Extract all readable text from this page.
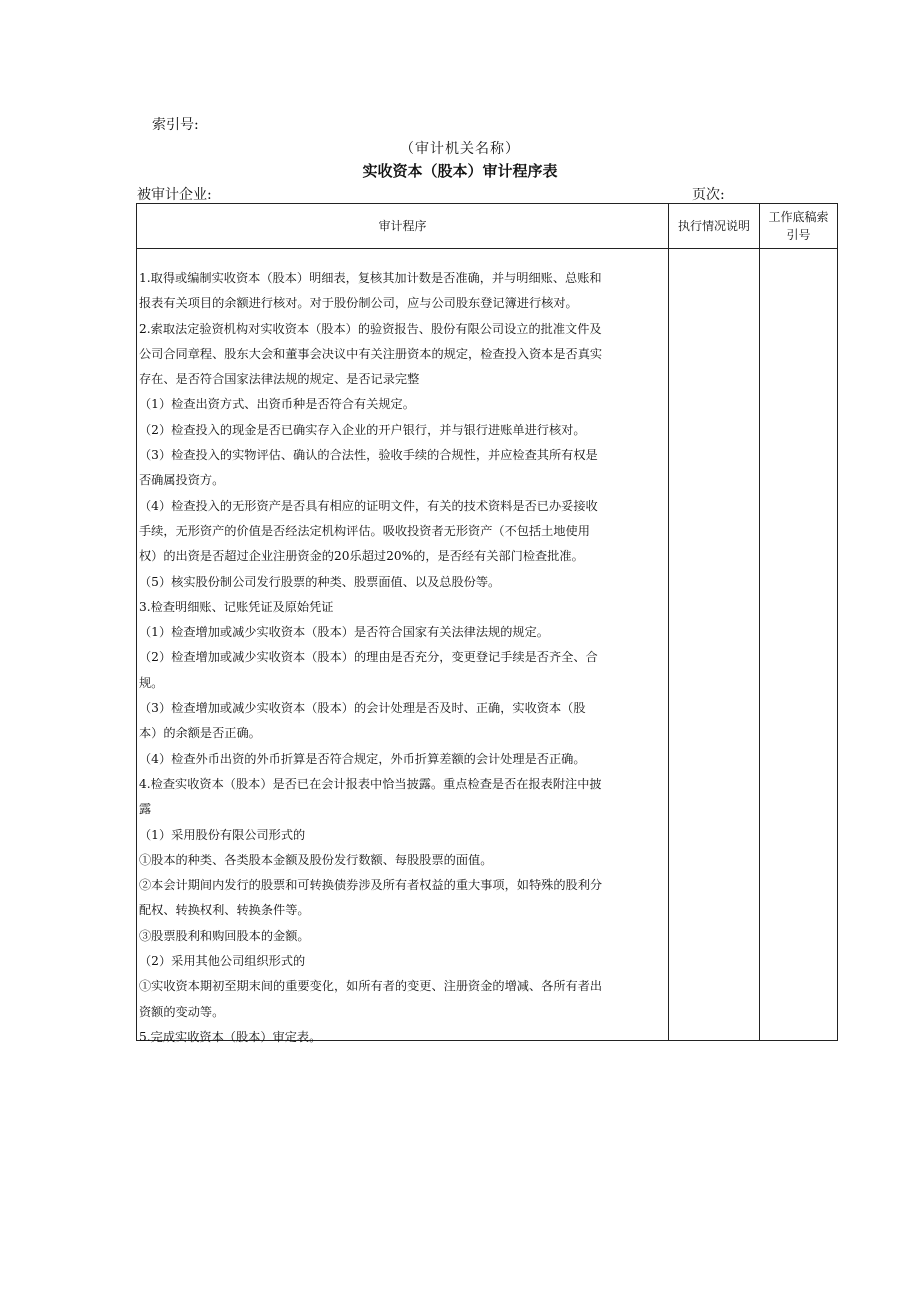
索引号:
（审计机关名称）
实收资本（股本）审计程序表
被审计企业:	页次:
审计程序	执行情况说明
工作底稿索引号
1.取得或编制实收资本（股本）明细表，复核其加计数是否准确，并与明细账、总账和
报表有关项目的余额进行核对。对于股份制公司，应与公司股东登记簿进行核对。
2.索取法定验资机构对实收资本（股本）的验资报告、股份有限公司设立的批准文件及
公司合同章程、股东大会和董事会决议中有关注册资本的规定，检查投入资本是否真实
存在、是否符合国家法律法规的规定、是否记录完整
（1）检查出资方式、出资币种是否符合有关规定。
（2）检查投入的现金是否已确实存入企业的开户银行，并与银行进账单进行核对。
（3）检查投入的实物评估、确认的合法性，验收手续的合规性，并应检查其所有权是
否确属投资方。
（4）检查投入的无形资产是否具有相应的证明文件，有关的技术资料是否已办妥接收
手续，无形资产的价值是否经法定机构评估。吸收投资者无形资产（不包括土地使用
权）的出资是否超过企业注册资金的20乐超过20%的，是否经有关部门检查批准。
（5）核实股份制公司发行股票的种类、股票面值、以及总股份等。
3.检查明细账、记账凭证及原始凭证
（1）检查增加或减少实收资本（股本）是否符合国家有关法律法规的规定。
（2）检查增加或减少实收资本（股本）的理由是否充分，变更登记手续是否齐全、合
规。
（3）检查增加或减少实收资本（股本）的会计处理是否及时、正确，实收资本（股
本）的余额是否正确。
（4）检查外币出资的外币折算是否符合规定，外币折算差额的会计处理是否正确。
4.检查实收资本（股本）是否已在会计报表中恰当披露。重点检查是否在报表附注中披
露
（1）采用股份有限公司形式的
①股本的种类、各类股本金额及股份发行数额、每股股票的面值。
②本会计期间内发行的股票和可转换债券涉及所有者权益的重大事项，如特殊的股利分
配权、转换权利、转换条件等。
③股票股利和购回股本的金额。
（2）采用其他公司组织形式的
①实收资本期初至期末间的重要变化，如所有者的变更、注册资金的增减、各所有者出
资额的变动等。
5.完成实收资本（股本）审定表。
